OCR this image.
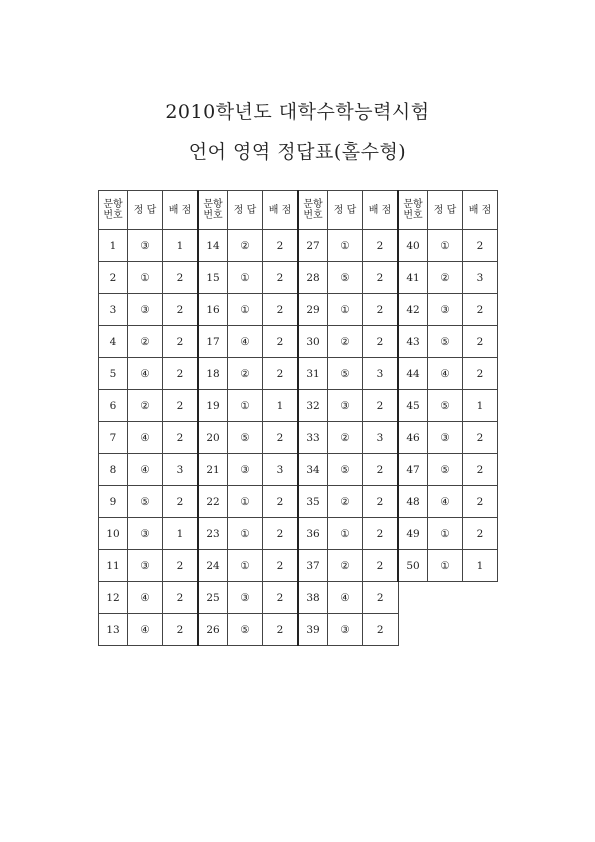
2010학년도 대학수학능력시험
언어 영역 정답표(홀수형)
문항 번호	정 답	배 점	문항 번호	정 답	배 점	문항 번호	정 답	배 점	문항 번호	정 답	배 점
1	③	1	14	②	2	27	①	2	40	①	2
2	①	2	15	①	2	28	⑤	2	41	②	3
3	③	2	16	①	2	29	①	2	42	③	2
4	②	2	17	④	2	30	②	2	43	⑤	2
5	④	2	18	②	2	31	⑤	3	44	④	2
6	②	2	19	①	1	32	③	2	45	⑤	1
7	④	2	20	⑤	2	33	②	3	46	③	2
8	④	3	21	③	3	34	⑤	2	47	⑤	2
9	⑤	2	22	①	2	35	②	2	48	④	2
10	③	1	23	①	2	36	①	2	49	①	2
11	③	2	24	①	2	37	②	2	50	①	1
12	④	2	25	③	2	38	④	2			
13	④	2	26	⑤	2	39	③	2			
